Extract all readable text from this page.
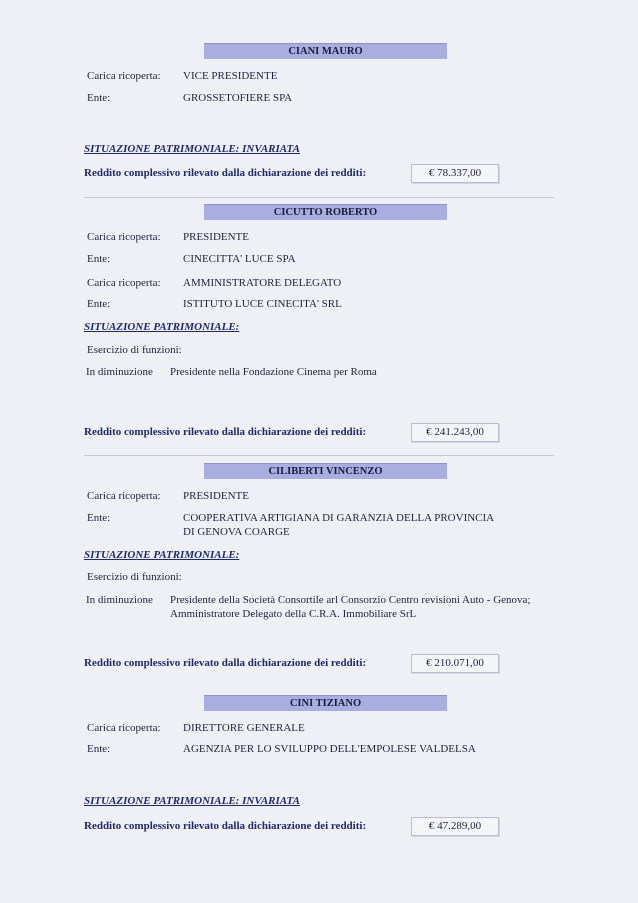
CIANI MAURO
Carica ricoperta: VICE PRESIDENTE
Ente:	GROSSETOFIERE SPA
SITUAZIONE PATRIMONIALE: INVARIATA
Reddito complessivo rilevato dalla dichiarazione dei redditi:	€ 78.337,00
CICUTTO ROBERTO
Carica ricoperta: PRESIDENTE
Ente:	CINECITTA' LUCE SPA
Carica ricoperta: AMMINISTRATORE DELEGATO
Ente:	ISTITUTO LUCE CINECITA' SRL
SITUAZIONE PATRIMONIALE:
Esercizio di funzioni:
In diminuzione Presidente nella Fondazione Cinema per Roma
Reddito complessivo rilevato dalla dichiarazione dei redditi:	€ 241.243,00
CILIBERTI VINCENZO
Carica ricoperta: PRESIDENTE
Ente:	COOPERATIVA ARTIGIANA DI GARANZIA DELLA PROVINCIA
DI GENOVA COARGE
SITUAZIONE PATRIMONIALE:
Esercizio di funzioni:
In diminuzione Presidente della Società Consortile arl Consorzio Centro revisioni Auto - Genova;
Amministratore Delegato della C.R.A. Immobiliare SrL
Reddito complessivo rilevato dalla dichiarazione dei redditi:	€ 210.071,00
CINI TIZIANO
Carica ricoperta: DIRETTORE GENERALE
Ente:	AGENZIA PER LO SVILUPPO DELL'EMPOLESE VALDELSA
SITUAZIONE PATRIMONIALE: INVARIATA
Reddito complessivo rilevato dalla dichiarazione dei redditi:	€ 47.289,00
